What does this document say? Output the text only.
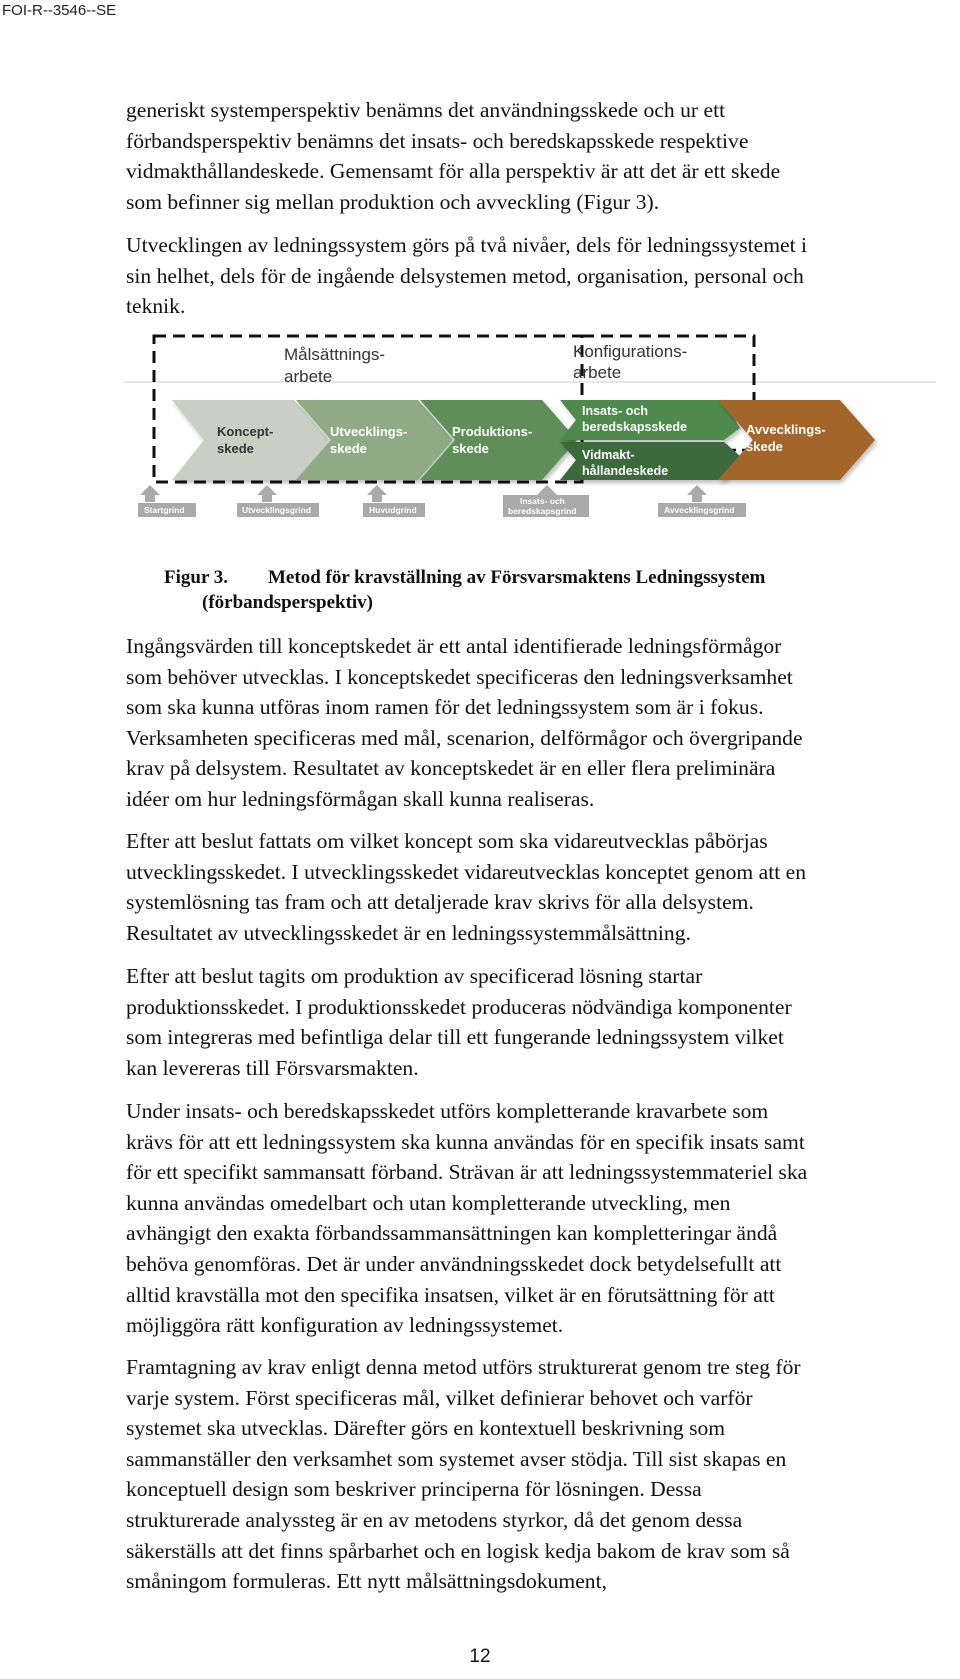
FOI-R--3546--SE

generiskt systemperspektiv benämns det användningsskede och ur ett
förbandsperspektiv benämns det insats- och beredskapsskede respektive
vidmakthållandeskede. Gemensamt för alla perspektiv är att det är ett skede
som befinner sig mellan produktion och avveckling (Figur 3).

Utvecklingen av ledningssystem görs på två nivåer, dels för ledningssystemet i
sin helhet, dels för de ingående delsystemen metod, organisation, personal och
teknik.

Målsättnings-
arbete
Konfigurations-
arbete
Koncept-
skede
Utvecklings-
skede
Produktions-
skede
Insats- och
beredskapsskede
Vidmakt-
hållandeskede
Avvecklings-
skede
Startgrind	Utvecklingsgrind	Huvudgrind
Insats- och
beredskapsgrind	Avvecklingsgrind
Figur 3. Metod för kravställning av Försvarsmaktens Ledningssystem
(förbandsperspektiv)

Ingångsvärden till konceptskedet är ett antal identifierade ledningsförmågor
som behöver utvecklas. I konceptskedet specificeras den ledningsverksamhet
som ska kunna utföras inom ramen för det ledningssystem som är i fokus.
Verksamheten specificeras med mål, scenarion, delförmågor och övergripande
krav på delsystem. Resultatet av konceptskedet är en eller flera preliminära
idéer om hur ledningsförmågan skall kunna realiseras.

Efter att beslut fattats om vilket koncept som ska vidareutvecklas påbörjas
utvecklingsskedet. I utvecklingsskedet vidareutvecklas konceptet genom att en
systemlösning tas fram och att detaljerade krav skrivs för alla delsystem.
Resultatet av utvecklingsskedet är en ledningssystemmålsättning.

Efter att beslut tagits om produktion av specificerad lösning startar
produktionsskedet. I produktionsskedet produceras nödvändiga komponenter
som integreras med befintliga delar till ett fungerande ledningssystem vilket
kan levereras till Försvarsmakten.

Under insats- och beredskapsskedet utförs kompletterande kravarbete som
krävs för att ett ledningssystem ska kunna användas för en specifik insats samt
för ett specifikt sammansatt förband. Strävan är att ledningssystemmateriel ska
kunna användas omedelbart och utan kompletterande utveckling, men
avhängigt den exakta förbandssammansättningen kan kompletteringar ändå
behöva genomföras. Det är under användningsskedet dock betydelsefullt att
alltid kravställa mot den specifika insatsen, vilket är en förutsättning för att
möjliggöra rätt konfiguration av ledningssystemet.

Framtagning av krav enligt denna metod utförs strukturerat genom tre steg för
varje system. Först specificeras mål, vilket definierar behovet och varför
systemet ska utvecklas. Därefter görs en kontextuell beskrivning som
sammanställer den verksamhet som systemet avser stödja. Till sist skapas en
konceptuell design som beskriver principerna för lösningen. Dessa
strukturerade analyssteg är en av metodens styrkor, då det genom dessa
säkerställs att det finns spårbarhet och en logisk kedja bakom de krav som så
småningom formuleras. Ett nytt målsättningsdokument,

12
